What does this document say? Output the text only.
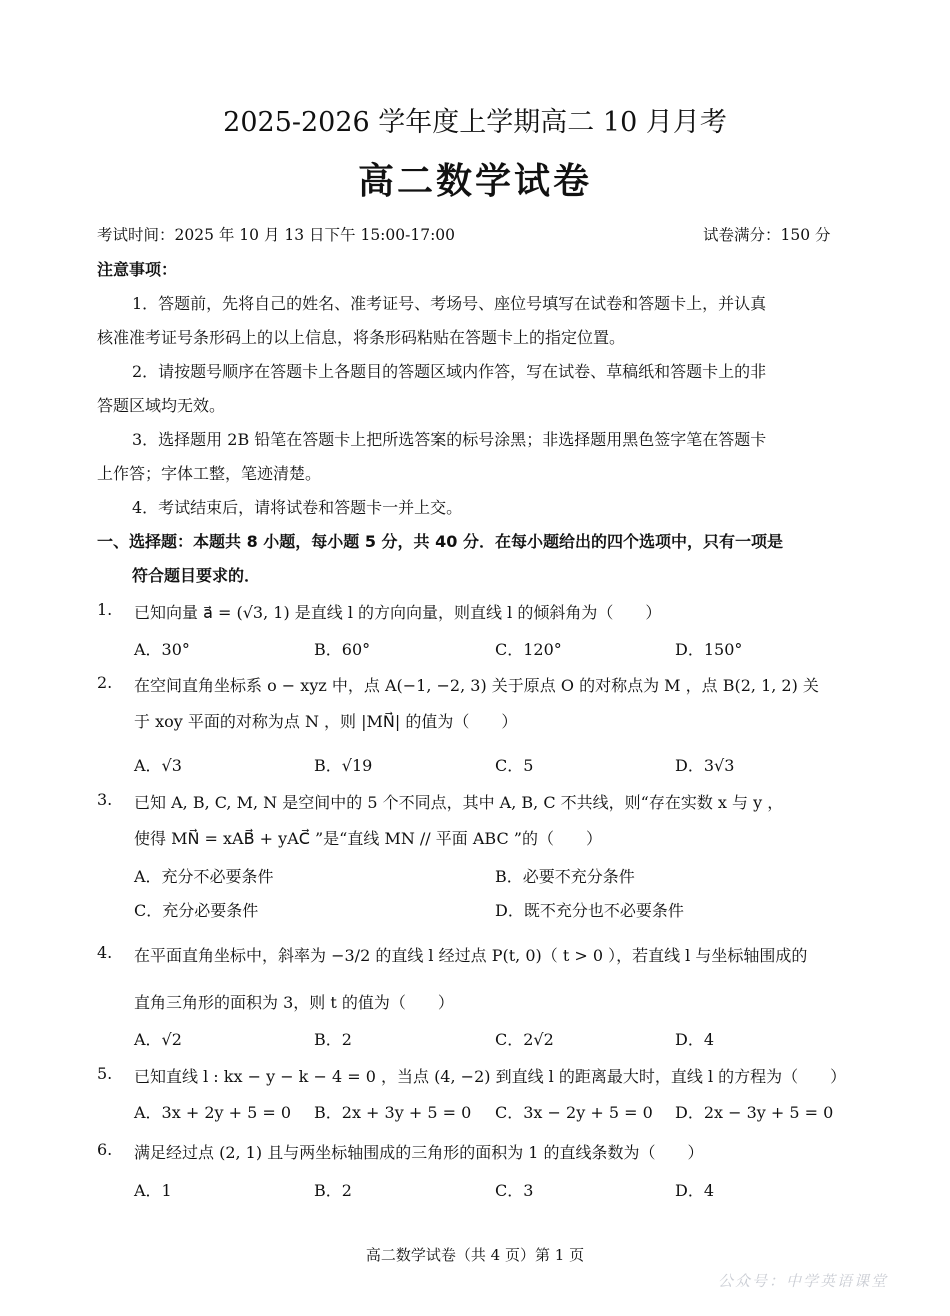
2025-2026 学年度上学期高二 10 月月考
高二数学试卷
考试时间：2025 年 10 月 13 日下午 15:00-17:00	试卷满分：150 分
注意事项：
1．答题前，先将自己的姓名、准考证号、考场号、座位号填写在试卷和答题卡上，并认真
核准准考证号条形码上的以上信息，将条形码粘贴在答题卡上的指定位置。
2．请按题号顺序在答题卡上各题目的答题区域内作答，写在试卷、草稿纸和答题卡上的非
答题区域均无效。
3．选择题用 2B 铅笔在答题卡上把所选答案的标号涂黑；非选择题用黑色签字笔在答题卡
上作答；字体工整，笔迹清楚。
4．考试结束后，请将试卷和答题卡一并上交。
一、选择题：本题共 8 小题，每小题 5 分，共 40 分．在每小题给出的四个选项中，只有一项是
符合题目要求的．
1. 已知向量 a⃗ = (√3, 1) 是直线 l 的方向向量，则直线 l 的倾斜角为（　　）
A．30°	B．60°	C．120°	D．150°
2. 在空间直角坐标系 o − xyz 中，点 A(−1, −2, 3) 关于原点 O 的对称点为 M ，点 B(2, 1, 2) 关
于 xoy 平面的对称为点 N ，则 |MN⃗| 的值为（　　）
A．√3	B．√19	C．5	D．3√3
3. 已知 A, B, C, M, N 是空间中的 5 个不同点，其中 A, B, C 不共线，则“存在实数 x 与 y ，
使得 MN⃗ = xAB⃗ + yAC⃗ ”是“直线 MN // 平面 ABC ”的（　　）
A．充分不必要条件	B．必要不充分条件
C．充分必要条件	D．既不充分也不必要条件
4. 在平面直角坐标中，斜率为 −3/2 的直线 l 经过点 P(t, 0)（ t > 0 ），若直线 l 与坐标轴围成的
直角三角形的面积为 3，则 t 的值为（　　）
A．√2	B．2	C．2√2	D．4
5. 已知直线 l : kx − y − k − 4 = 0 ，当点 (4, −2) 到直线 l 的距离最大时，直线 l 的方程为（　　）
A．3x + 2y + 5 = 0 B．2x + 3y + 5 = 0 C．3x − 2y + 5 = 0 D．2x − 3y + 5 = 0
6. 满足经过点 (2, 1) 且与两坐标轴围成的三角形的面积为 1 的直线条数为（　　）
A．1	B．2	C．3	D．4
高二数学试卷（共 4 页）第 1 页
公众号：中学英语课堂
